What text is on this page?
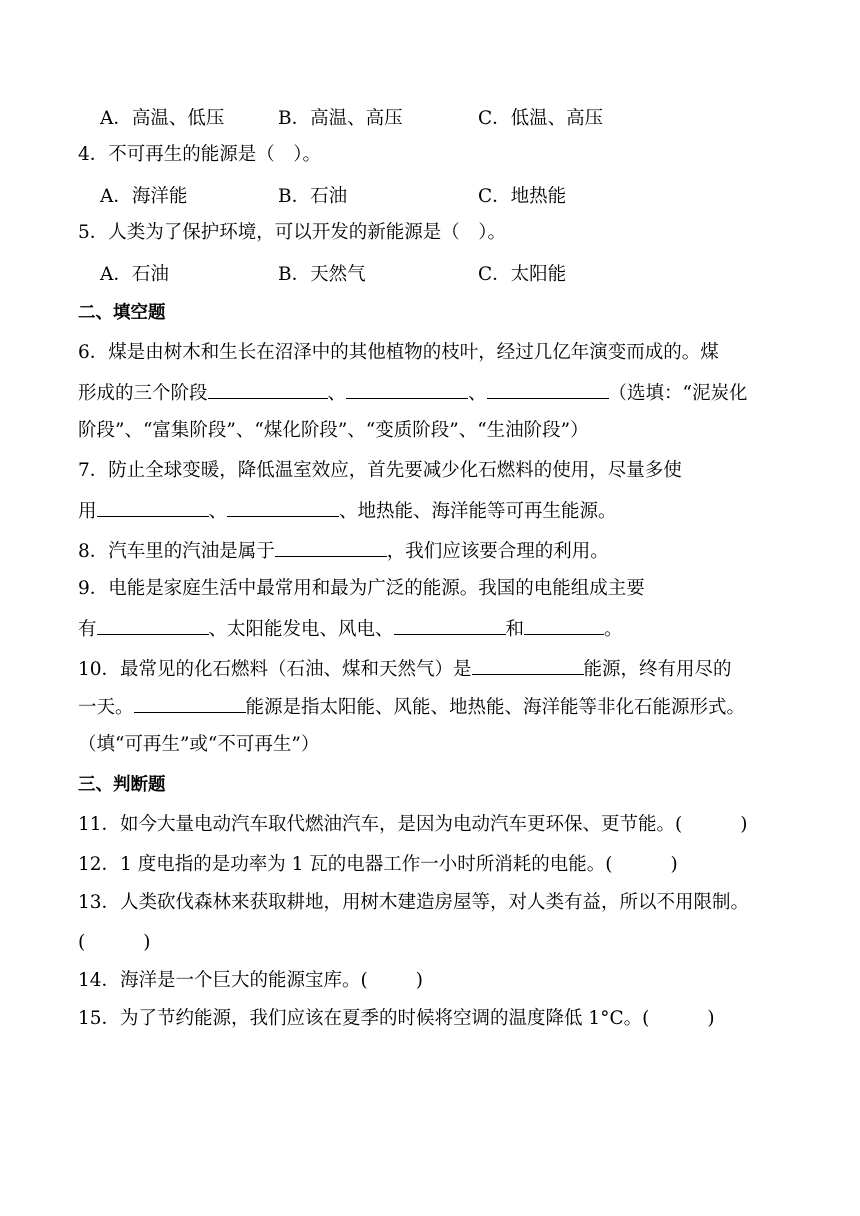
A．高温、低压	B．高温、高压	C．低温、高压
4．不可再生的能源是（　）。
A．海洋能	B．石油	C．地热能
5．人类为了保护环境，可以开发的新能源是（　）。
A．石油	B．天然气	C．太阳能
二、填空题
6．煤是由树木和生长在沼泽中的其他植物的枝叶，经过几亿年演变而成的。煤
形成的三个阶段	、	、	（选填：“泥炭化
阶段”、“富集阶段”、“煤化阶段”、“变质阶段”、“生油阶段”）
7．防止全球变暖，降低温室效应，首先要减少化石燃料的使用，尽量多使
用	、	、地热能、海洋能等可再生能源。
8．汽车里的汽油是属于	，我们应该要合理的利用。
9．电能是家庭生活中最常用和最为广泛的能源。我国的电能组成主要
有	、太阳能发电、风电、	和	。
10．最常见的化石燃料（石油、煤和天然气）是	能源，终有用尽的
一天。	能源是指太阳能、风能、地热能、海洋能等非化石能源形式。
（填“可再生”或“不可再生”）
三、判断题
11．如今大量电动汽车取代燃油汽车，是因为电动汽车更环保、更节能。(	)
12．1 度电指的是功率为 1 瓦的电器工作一小时所消耗的电能。(	)
13．人类砍伐森林来获取耕地，用树木建造房屋等，对人类有益，所以不用限制。
(	)
14．海洋是一个巨大的能源宝库。(	)
15．为了节约能源，我们应该在夏季的时候将空调的温度降低 1°C。(	)
